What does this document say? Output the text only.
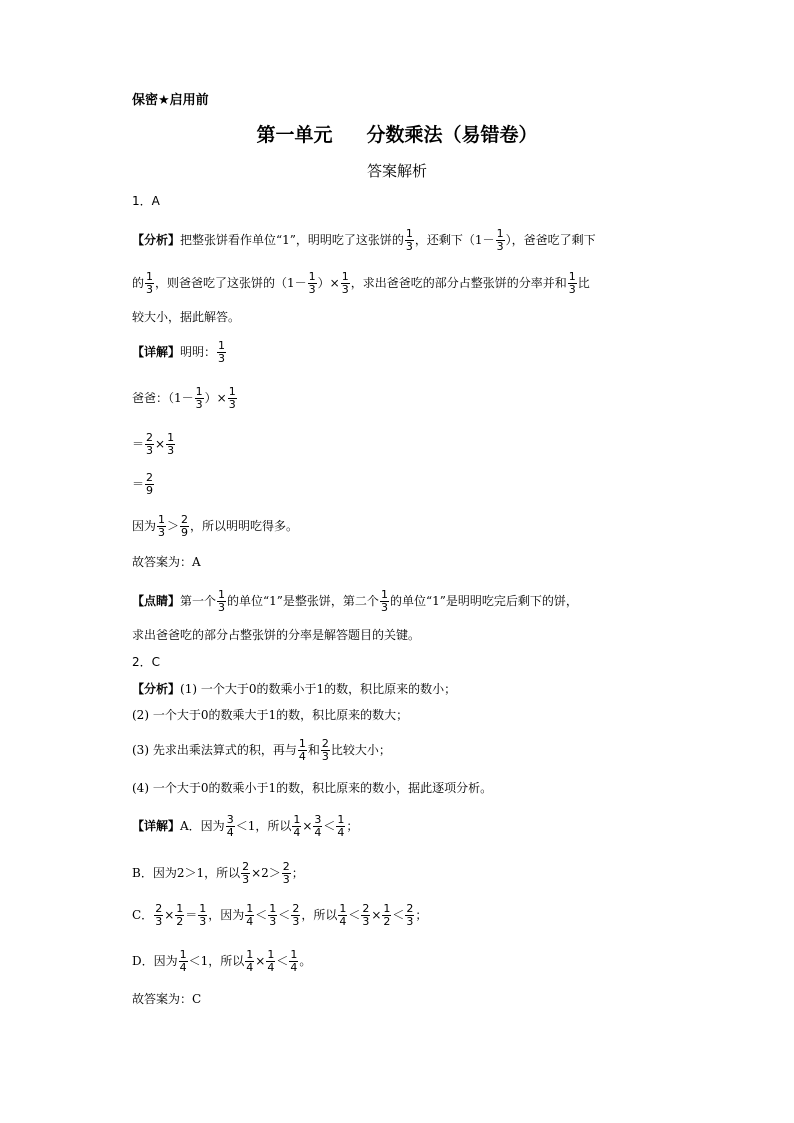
保密★启用前
第一单元 分数乘法（易错卷）
答案解析
1．A
【分析】把整张饼看作单位“1”，明明吃了这张饼的 $\frac{1}{3}$ ，还剩下（$1- \frac{1}{3}$ ），爸爸吃了剩下
的 $\frac{1}{3}$ ，则爸爸吃了这张饼的（$1- \frac{1}{3}$ ）× $\frac{1}{3}$ ，求出爸爸吃的部分占整张饼的分率并和 $\frac{1}{3}$ 比
较大小，据此解答。
【详解】明明： $\frac{1}{3}$
爸爸：（$1- \frac{1}{3}$ ）× $\frac{1}{3}$
＝ $\frac{2}{3} \times \frac{1}{3}$
＝ $\frac{2}{9}$
因为 $\frac{1}{3} > \frac{2}{9}$ ，所以明明吃得多。
故答案为：A
【点睛】第一个 $\frac{1}{3}$ 的单位“1”是整张饼，第二个 $\frac{1}{3}$ 的单位“1”是明明吃完后剩下的饼，
求出爸爸吃的部分占整张饼的分率是解答题目的关键。
2．C
【分析】(1) 一个大于0的数乘小于1的数，积比原来的数小；
(2) 一个大于0的数乘大于1的数，积比原来的数大；
(3) 先求出乘法算式的积，再与 $\frac{1}{4}$ 和 $\frac{2}{3}$ 比较大小；
(4) 一个大于0的数乘小于1的数，积比原来的数小，据此逐项分析。
【详解】A．因为 $\frac{3}{4} <1$，所以 $\frac{1}{4} \times \frac{3}{4} < \frac{1}{4}$ ；
B．因为2＞1，所以 $\frac{2}{3} \times 2> \frac{2}{3}$ ；
C． $\frac{2}{3} \times \frac{1}{2} = \frac{1}{3}$ ，因为 $\frac{1}{4} < \frac{1}{3} < \frac{2}{3}$ ，所以 $\frac{1}{4} < \frac{2}{3} \times \frac{1}{2} < \frac{2}{3}$ ；
D．因为 $\frac{1}{4} <1$，所以 $\frac{1}{4} \times \frac{1}{4} < \frac{1}{4}$ 。
故答案为：C
